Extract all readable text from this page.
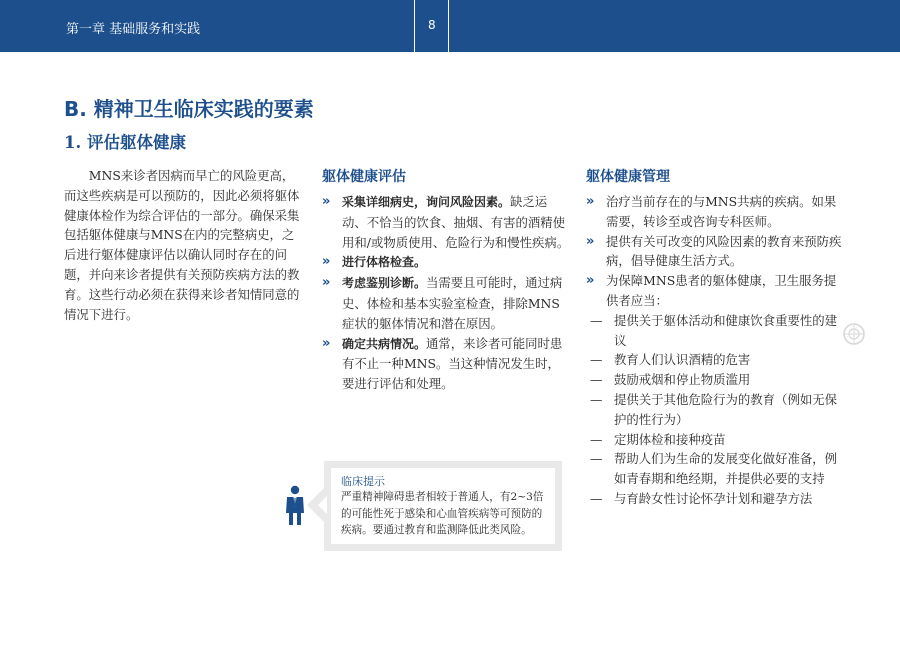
第一章 基础服务和实践	8
B. 精神卫生临床实践的要素
1. 评估躯体健康

MNS来诊者因病而早亡的风险更高，而这些疾病是可以预防的，因此必须将躯体健康体检作为综合评估的一部分。确保采集包括躯体健康与MNS在内的完整病史，之后进行躯体健康评估以确认同时存在的问题，并向来诊者提供有关预防疾病方法的教育。这些行动必须在获得来诊者知情同意的情况下进行。

躯体健康评估
» 采集详细病史，询问风险因素。缺乏运动、不恰当的饮食、抽烟、有害的酒精使用和/或物质使用、危险行为和慢性疾病。
» 进行体格检查。
» 考虑鉴别诊断。当需要且可能时，通过病史、体检和基本实验室检查，排除MNS症状的躯体情况和潜在原因。
» 确定共病情况。通常，来诊者可能同时患有不止一种MNS。当这种情况发生时，要进行评估和处理。
躯体健康管理
» 治疗当前存在的与MNS共病的疾病。如果需要，转诊至或咨询专科医师。
» 提供有关可改变的风险因素的教育来预防疾病，倡导健康生活方式。
» 为保障MNS患者的躯体健康，卫生服务提供者应当：
— 提供关于躯体活动和健康饮食重要性的建议
— 教育人们认识酒精的危害
— 鼓励戒烟和停止物质滥用
— 提供关于其他危险行为的教育（例如无保护的性行为）
— 定期体检和接种疫苗
— 帮助人们为生命的发展变化做好准备，例如青春期和绝经期，并提供必要的支持
— 与育龄女性讨论怀孕计划和避孕方法

临床提示

严重精神障碍患者相较于普通人，有2~3倍的可能性死于感染和心血管疾病等可预防的疾病。要通过教育和监测降低此类风险。
